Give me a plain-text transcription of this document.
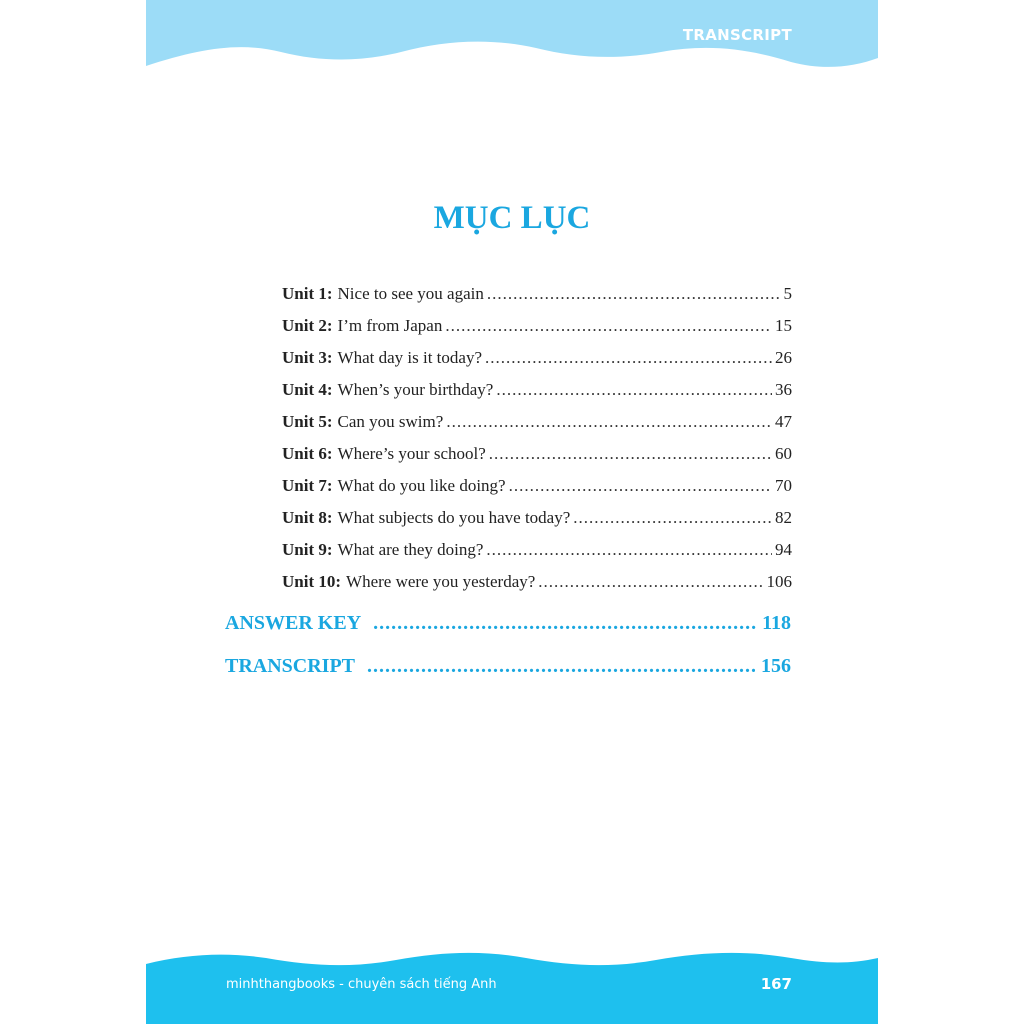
TRANSCRIPT
MỤC LỤC
Unit 1: Nice to see you again .....	5
Unit 2: I’m from Japan .....	15
Unit 3: What day is it today? .....	26
Unit 4: When’s your birthday? .....	36
Unit 5: Can you swim? .....	47
Unit 6: Where’s your school? .....	60
Unit 7: What do you like doing? .....	70
Unit 8: What subjects do you have today? .....	82
Unit 9: What are they doing? .....	94
Unit 10: Where were you yesterday? .....	106
ANSWER KEY .....	118
TRANSCRIPT .....	156
minhthangbooks - chuyên sách tiếng Anh	167
